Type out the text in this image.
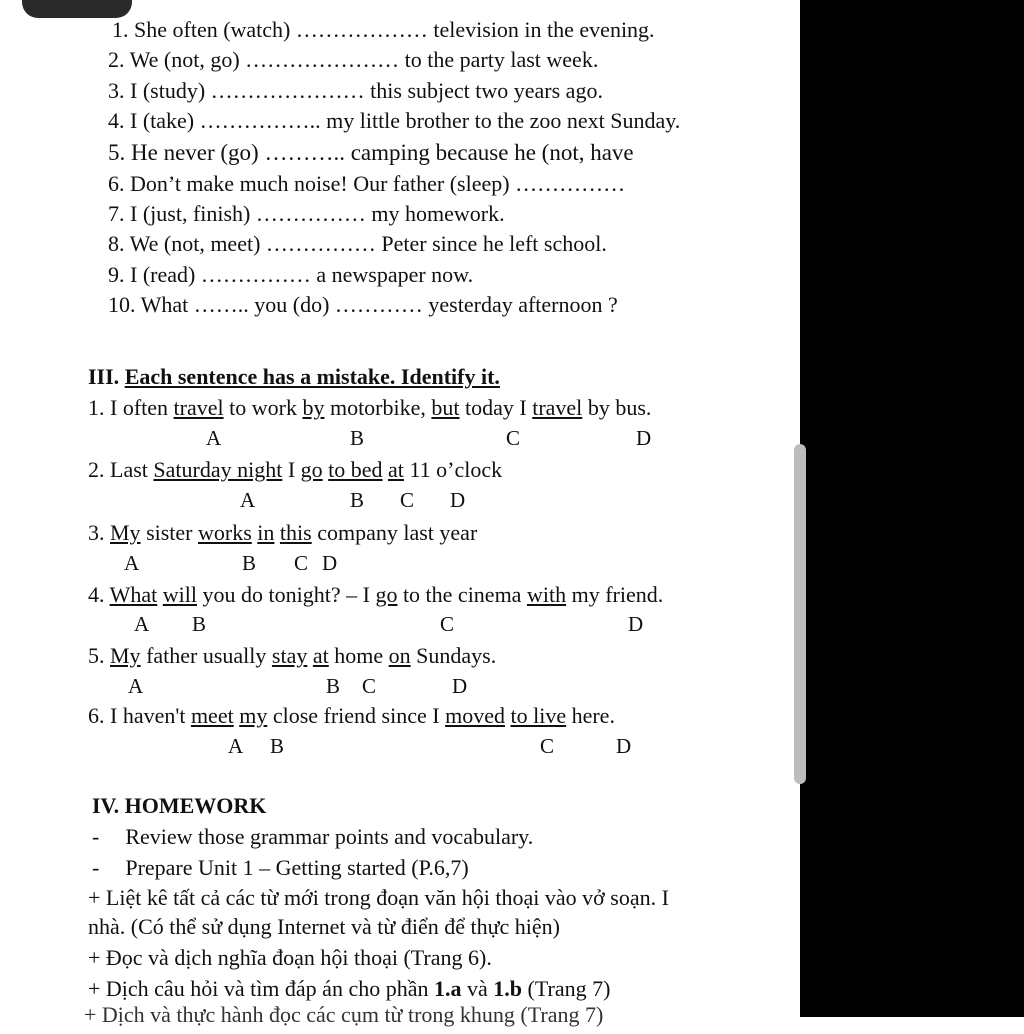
1. She often (watch) ……………… television in the evening.
2. We (not, go) ………………… to the party last week.
3. I (study) ………………… this subject two years ago.
4. I (take) …………….. my little brother to the zoo next Sunday.
5. He never (go) ……….. camping because he (not, have
6. Don’t make much noise! Our father (sleep) ……………
7. I (just, finish) …………… my homework.
8. We (not, meet) …………… Peter since he left school.
9. I (read) …………… a newspaper now.
10. What …….. you (do) ………… yesterday afternoon ?
III. Each sentence has a mistake. Identify it.
1. I often travel to work by motorbike, but today I travel by bus.
A	B	C	D
2. Last Saturday night I go to bed at 11 o’clock
A	B C D
3. My sister works in this company last year
A	B C D
4. What will you do tonight? – I go to the cinema with my friend.
A B	C	D
5. My father usually stay at home on Sundays.
A	B C	D
6. I haven't meet my close friend since I moved to live here.
A B	C	D
IV. HOMEWORK
- Review those grammar points and vocabulary.
- Prepare Unit 1 – Getting started (P.6,7)
+ Liệt kê tất cả các từ mới trong đoạn văn hội thoại vào vở soạn. I
nhà. (Có thể sử dụng Internet và từ điển để thực hiện)
+ Đọc và dịch nghĩa đoạn hội thoại (Trang 6).
+ Dịch câu hỏi và tìm đáp án cho phần 1.a và 1.b (Trang 7)
+ Dịch và thực hành đọc các cụm từ trong khung (Trang 7)
